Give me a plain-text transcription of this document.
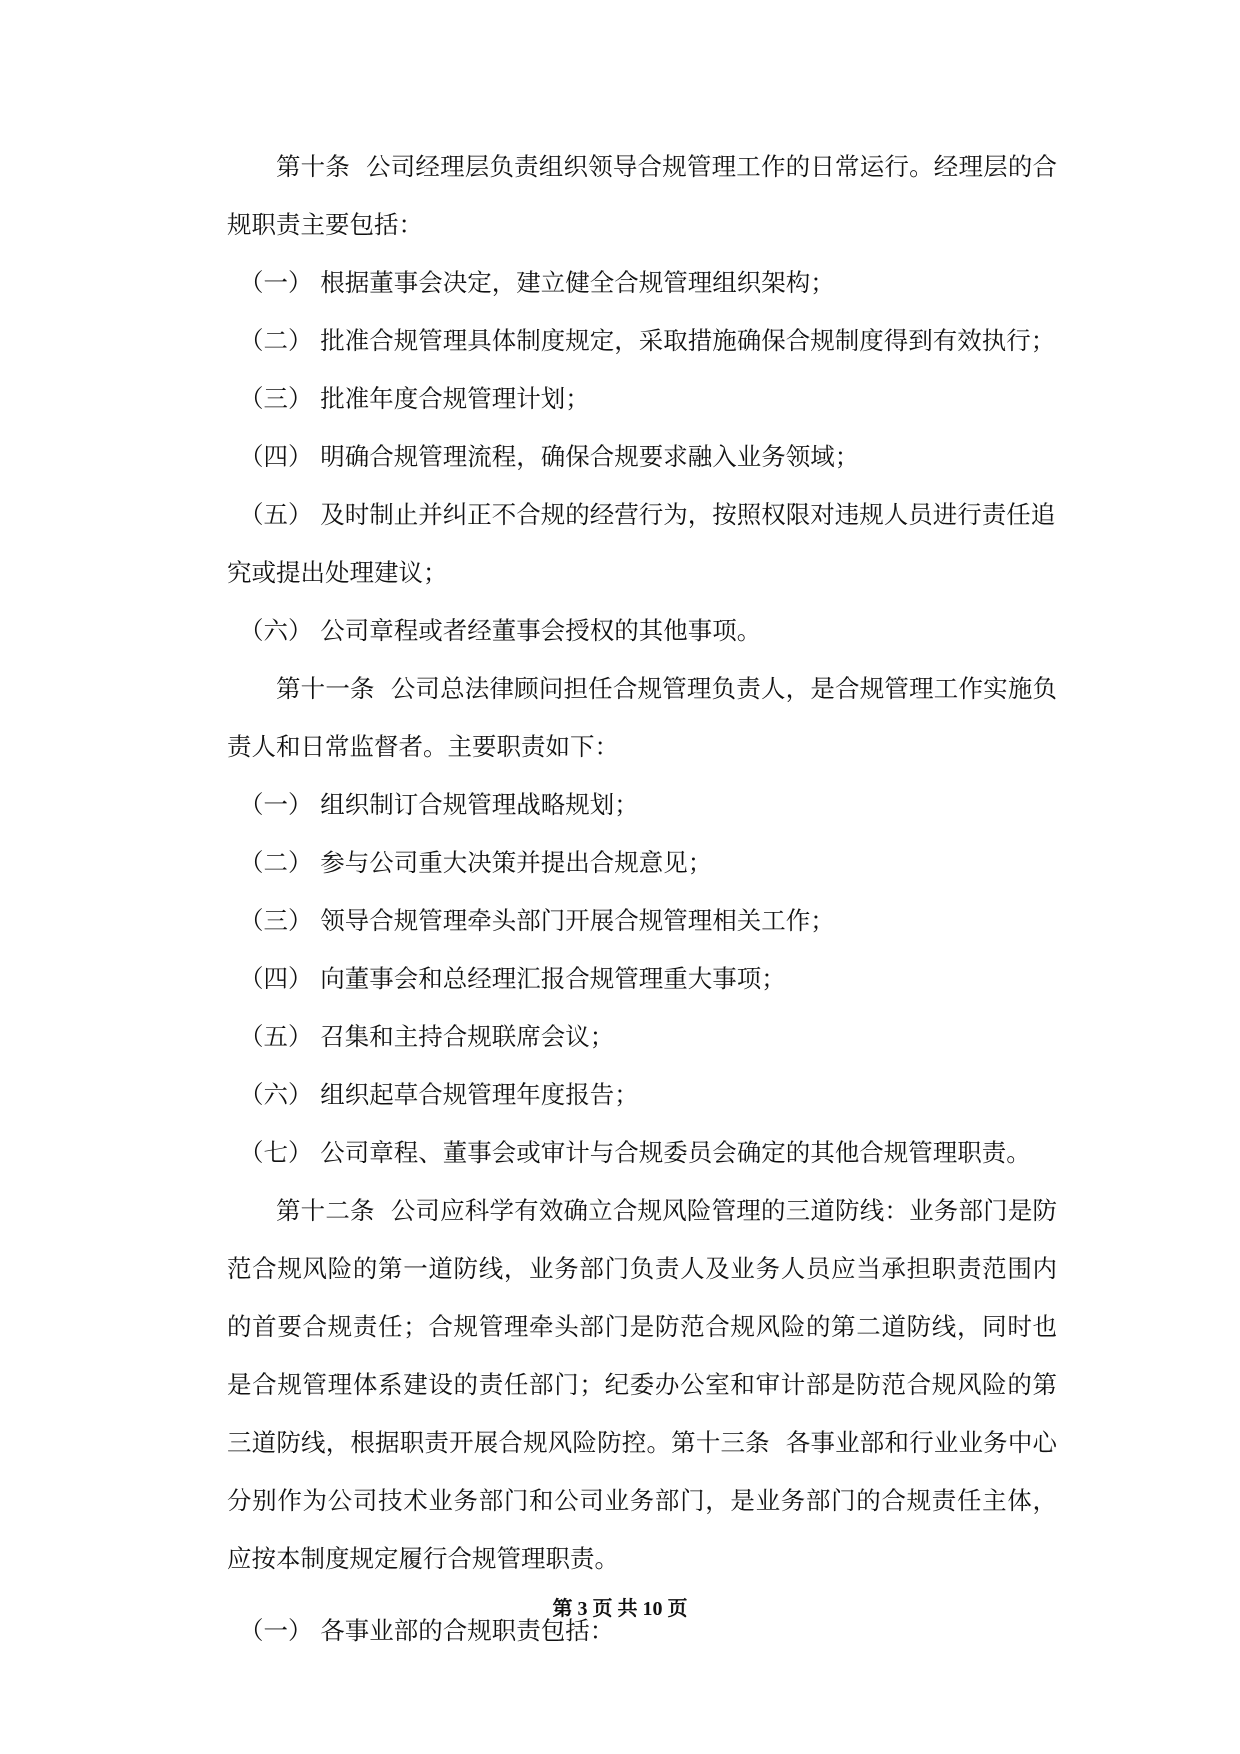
第十条 公司经理层负责组织领导合规管理工作的日常运行。经理层的合规职责主要包括：

（一） 根据董事会决定，建立健全合规管理组织架构；

（二） 批准合规管理具体制度规定，采取措施确保合规制度得到有效执行；

（三） 批准年度合规管理计划；

（四） 明确合规管理流程，确保合规要求融入业务领域；

（五） 及时制止并纠正不合规的经营行为，按照权限对违规人员进行责任追究或提出处理建议；

（六） 公司章程或者经董事会授权的其他事项。

第十一条 公司总法律顾问担任合规管理负责人，是合规管理工作实施负责人和日常监督者。主要职责如下：

（一） 组织制订合规管理战略规划；

（二） 参与公司重大决策并提出合规意见；

（三） 领导合规管理牵头部门开展合规管理相关工作；

（四） 向董事会和总经理汇报合规管理重大事项；

（五） 召集和主持合规联席会议；

（六） 组织起草合规管理年度报告；

（七） 公司章程、董事会或审计与合规委员会确定的其他合规管理职责。

第十二条 公司应科学有效确立合规风险管理的三道防线：业务部门是防范合规风险的第一道防线，业务部门负责人及业务人员应当承担职责范围内的首要合规责任；合规管理牵头部门是防范合规风险的第二道防线，同时也是合规管理体系建设的责任部门；纪委办公室和审计部是防范合规风险的第三道防线，根据职责开展合规风险防控。第十三条 各事业部和行业业务中心分别作为公司技术业务部门和公司业务部门，是业务部门的合规责任主体，应按本制度规定履行合规管理职责。

（一） 各事业部的合规职责包括：

第 3 页 共 10 页
